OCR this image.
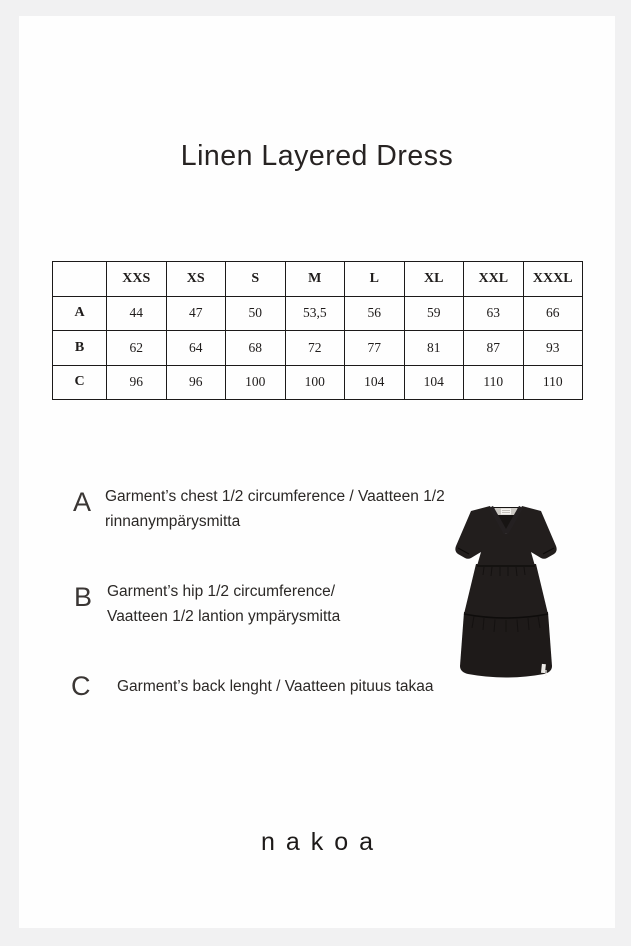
Linen Layered Dress
	XXS	XS	S	M	L	XL	XXL	XXXL
A	44	47	50	53,5	56	59	63	66
B	62	64	68	72	77	81	87	93
C	96	96	100	100	104	104	110	110
A Garment’s chest 1/2 circumference / Vaatteen 1/2
rinnanympärysmitta
B Garment’s hip 1/2 circumference/
Vaatteen 1/2 lantion ympärysmitta
C Garment’s back lenght / Vaatteen pituus takaa
nakoa
